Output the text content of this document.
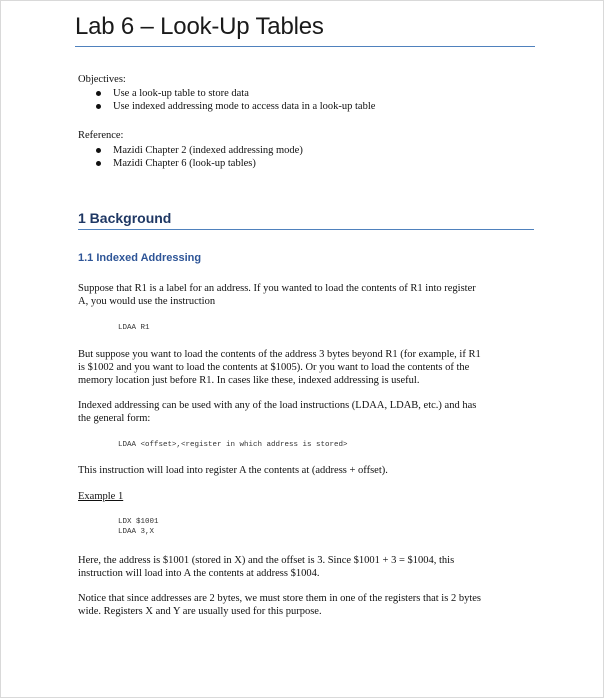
Lab 6 – Look-Up Tables
Objectives:
Use a look-up table to store data
Use indexed addressing mode to access data in a look-up table
Reference:
Mazidi Chapter 2 (indexed addressing mode)
Mazidi Chapter 6 (look-up tables)
1 Background
1.1 Indexed Addressing
Suppose that R1 is a label for an address. If you wanted to load the contents of R1 into register
A, you would use the instruction
LDAA R1
But suppose you want to load the contents of the address 3 bytes beyond R1 (for example, if R1
is $1002 and you want to load the contents at $1005). Or you want to load the contents of the
memory location just before R1. In cases like these, indexed addressing is useful.
Indexed addressing can be used with any of the load instructions (LDAA, LDAB, etc.) and has
the general form:
LDAA <offset>,<register in which address is stored>
This instruction will load into register A the contents at (address + offset).
Example 1
LDX $1001
LDAA 3,X
Here, the address is $1001 (stored in X) and the offset is 3. Since $1001 + 3 = $1004, this
instruction will load into A the contents at address $1004.
Notice that since addresses are 2 bytes, we must store them in one of the registers that is 2 bytes
wide. Registers X and Y are usually used for this purpose.
